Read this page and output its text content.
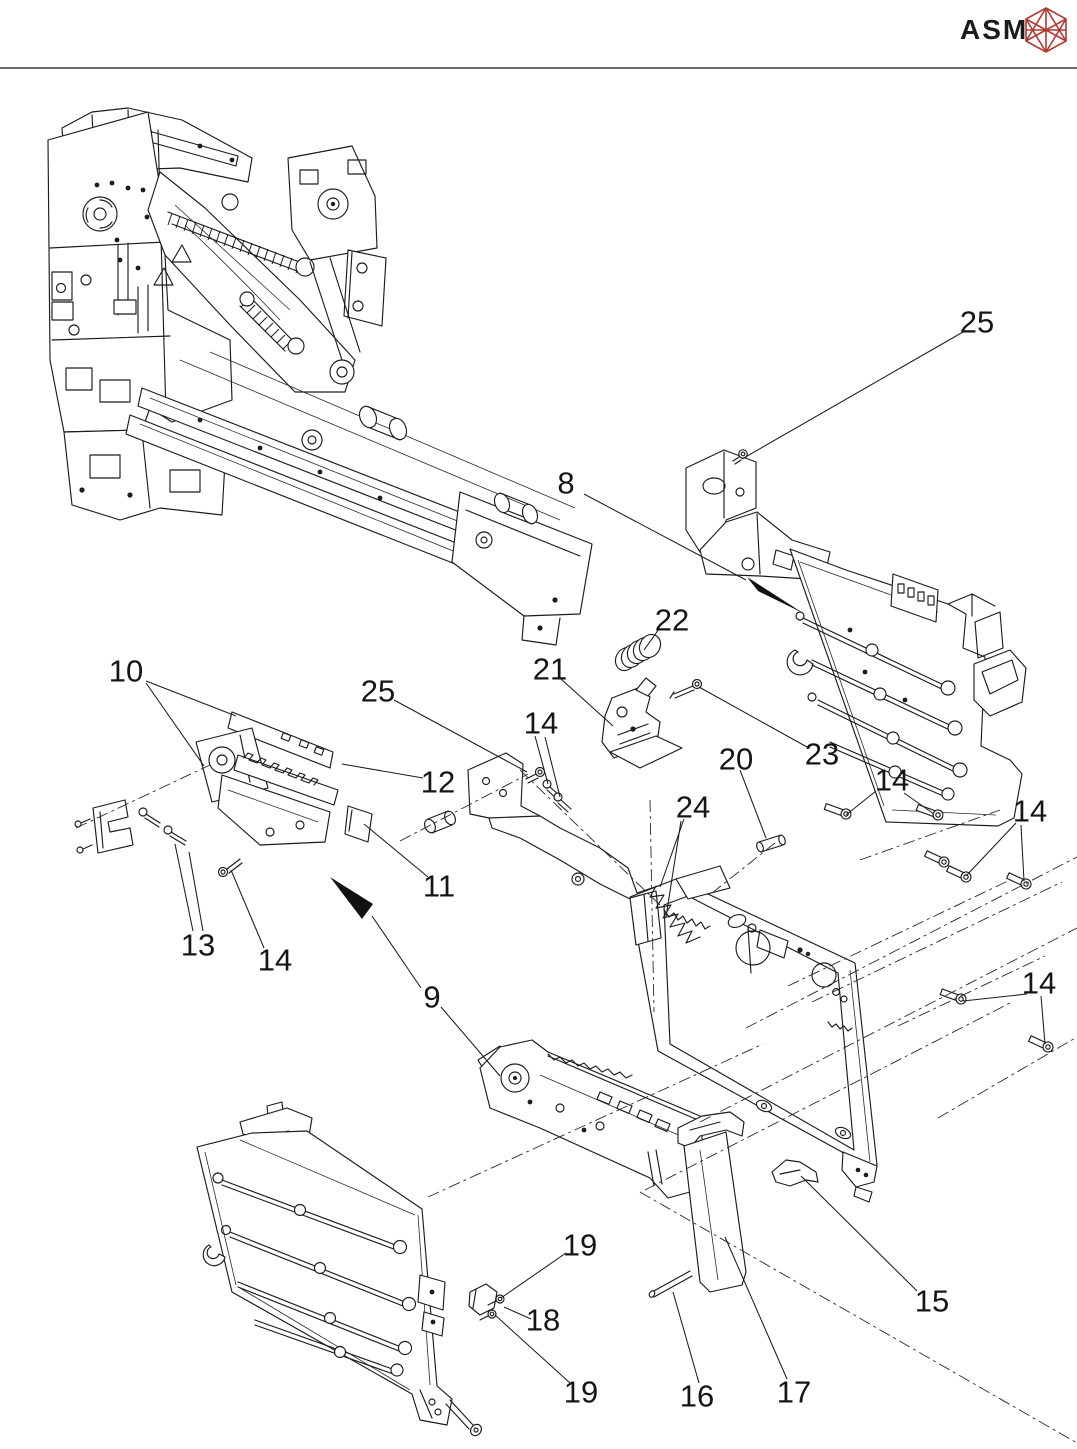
ASM
25
8
22
10	21
25
14
23
20
12	14
14
24
11
13 14
9	14
19
15
18
19	16 17
